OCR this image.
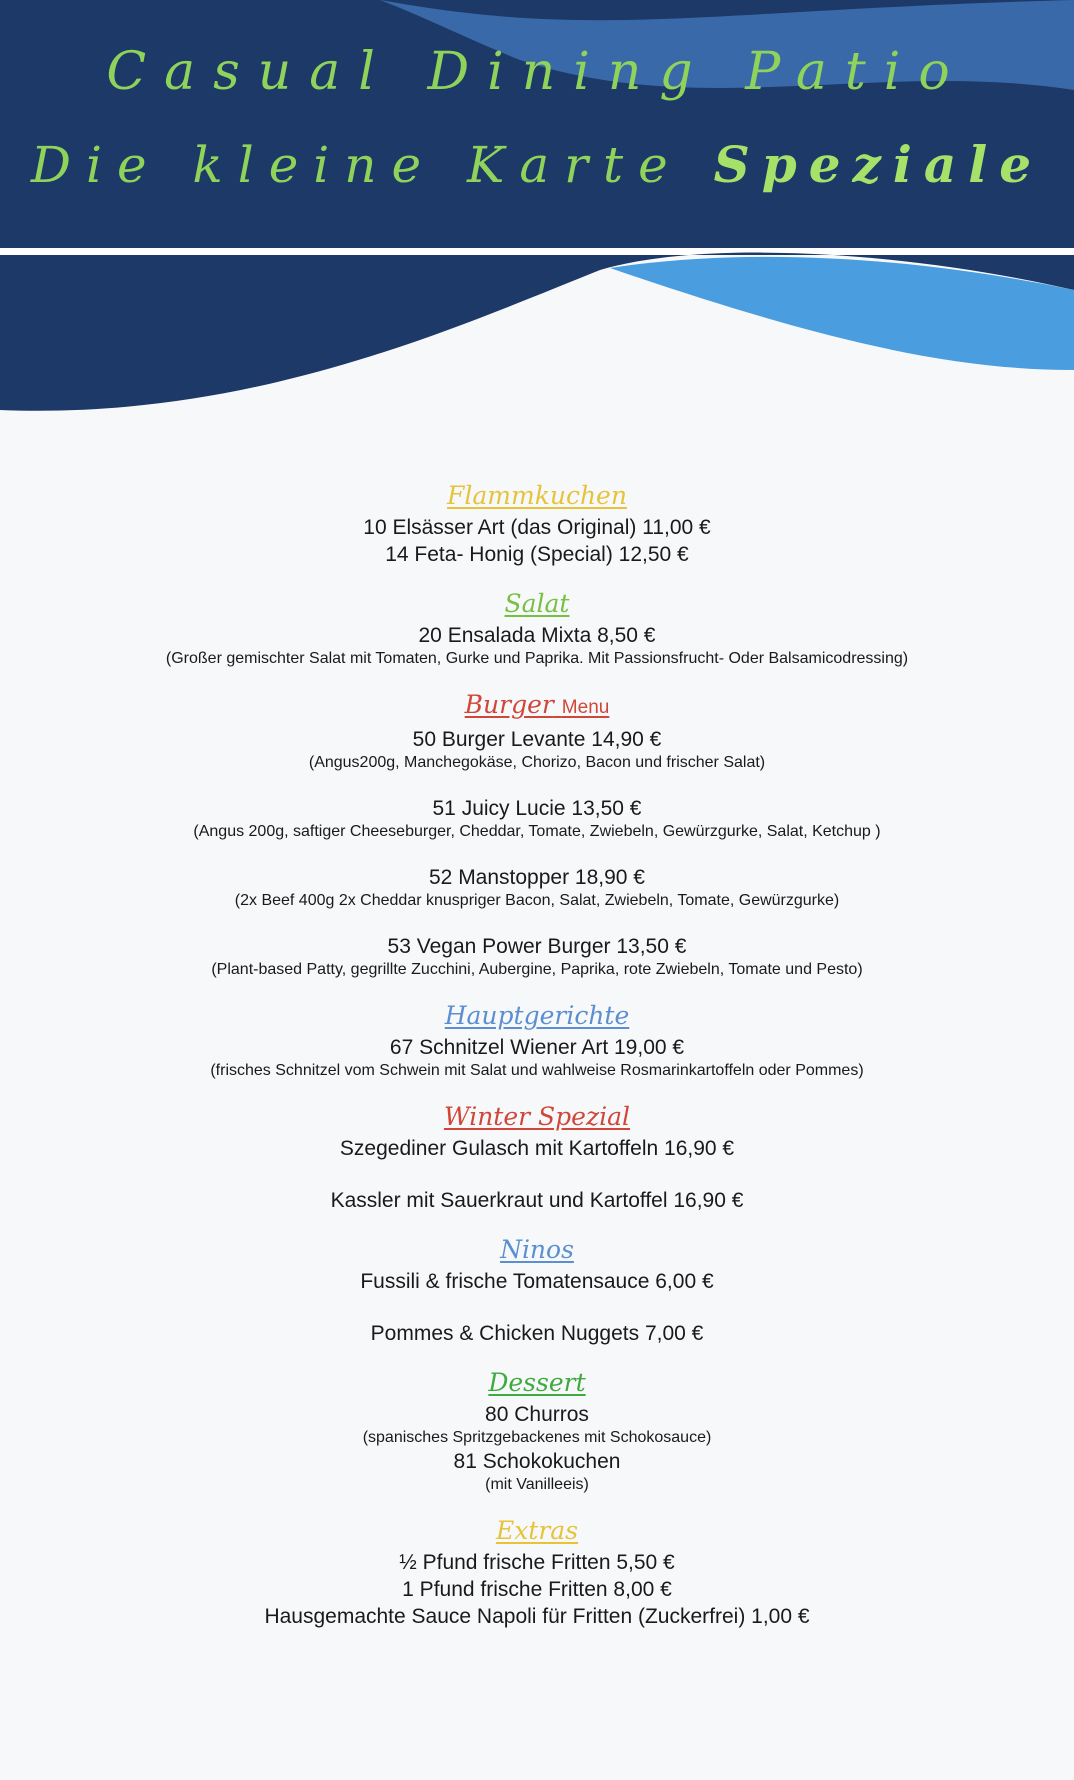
Casual Dining Patio
Die kleine Karte Speziale
Flammkuchen
10 Elsässer Art (das Original) 11,00 €
14 Feta- Honig (Special) 12,50 €
Salat
20 Ensalada Mixta 8,50 €
(Großer gemischter Salat mit Tomaten, Gurke und Paprika. Mit Passionsfrucht- Oder Balsamicodressing)
Burger Menu
50 Burger Levante 14,90 €
(Angus200g, Manchegokäse, Chorizo, Bacon und frischer Salat)
51 Juicy Lucie 13,50 €
(Angus 200g, saftiger Cheeseburger, Cheddar, Tomate, Zwiebeln, Gewürzgurke, Salat, Ketchup )
52 Manstopper 18,90 €
(2x Beef 400g 2x Cheddar knuspriger Bacon, Salat, Zwiebeln, Tomate, Gewürzgurke)
53 Vegan Power Burger 13,50 €
(Plant-based Patty, gegrillte Zucchini, Aubergine, Paprika, rote Zwiebeln, Tomate und Pesto)
Hauptgerichte
67 Schnitzel Wiener Art 19,00 €
(frisches Schnitzel vom Schwein mit Salat und wahlweise Rosmarinkartoffeln oder Pommes)
Winter Spezial
Szegediner Gulasch mit Kartoffeln 16,90 €
Kassler mit Sauerkraut und Kartoffel 16,90 €
Ninos
Fussili & frische Tomatensauce 6,00 €
Pommes & Chicken Nuggets 7,00 €
Dessert
80 Churros
(spanisches Spritzgebackenes mit Schokosauce)
81 Schokokuchen
(mit Vanilleeis)
Extras
½ Pfund frische Fritten 5,50 €
1 Pfund frische Fritten 8,00 €
Hausgemachte Sauce Napoli für Fritten (Zuckerfrei) 1,00 €
